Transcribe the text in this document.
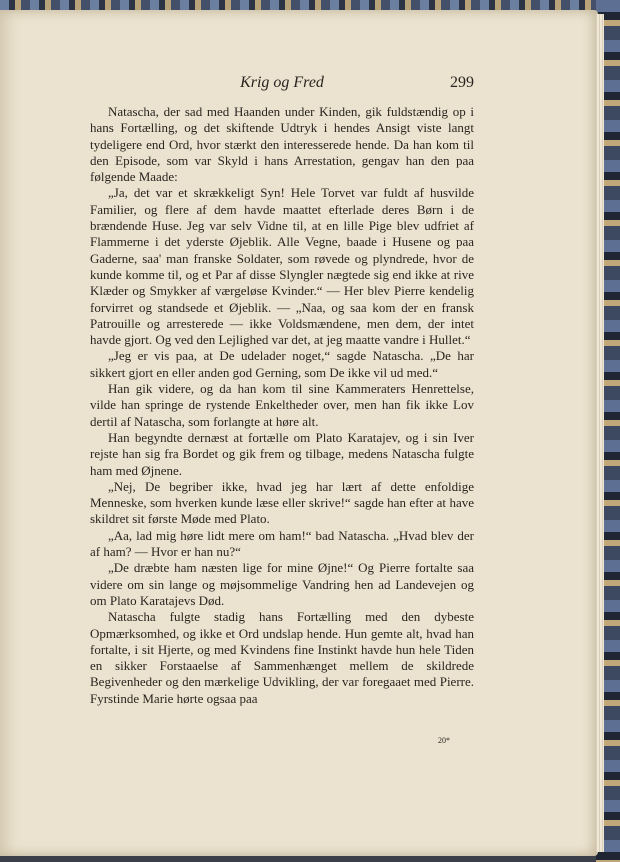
Krig og Fred	299

Natascha, der sad med Haanden under Kinden, gik fuldstændig op i hans Fortælling, og det skiftende Udtryk i hendes Ansigt viste langt tydeligere end Ord, hvor stærkt den interesserede hende. Da han kom til den Episode, som var Skyld i hans Arrestation, gengav han den paa følgende Maade:

„Ja, det var et skrækkeligt Syn! Hele Torvet var fuldt af husvilde Familier, og flere af dem havde maattet efterlade deres Børn i de brændende Huse. Jeg var selv Vidne til, at en lille Pige blev udfriet af Flammerne i det yderste Øjeblik. Alle Vegne, baade i Husene og paa Gaderne, saa' man franske Soldater, som røvede og plyndrede, hvor de kunde komme til, og et Par af disse Slyngler nægtede sig end ikke at rive Klæder og Smykker af værgeløse Kvinder.“ — Her blev Pierre kendelig forvirret og standsede et Øjeblik. — „Naa, og saa kom der en fransk Patrouille og arresterede — ikke Voldsmændene, men dem, der intet havde gjort. Og ved den Lejlighed var det, at jeg maatte vandre i Hullet.“

„Jeg er vis paa, at De udelader noget,“ sagde Natascha. „De har sikkert gjort en eller anden god Gerning, som De ikke vil ud med.“

Han gik videre, og da han kom til sine Kammeraters Henrettelse, vilde han springe de rystende Enkeltheder over, men han fik ikke Lov dertil af Natascha, som forlangte at høre alt.

Han begyndte dernæst at fortælle om Plato Karatajev, og i sin Iver rejste han sig fra Bordet og gik frem og tilbage, medens Natascha fulgte ham med Øjnene.

„Nej, De begriber ikke, hvad jeg har lært af dette enfoldige Menneske, som hverken kunde læse eller skrive!“ sagde han efter at have skildret sit første Møde med Plato.

„Aa, lad mig høre lidt mere om ham!“ bad Natascha. „Hvad blev der af ham? — Hvor er han nu?“

„De dræbte ham næsten lige for mine Øjne!“ Og Pierre fortalte saa videre om sin lange og møjsommelige Vandring hen ad Landevejen og om Plato Karatajevs Død.

Natascha fulgte stadig hans Fortælling med den dybeste Opmærksomhed, og ikke et Ord undslap hende. Hun gemte alt, hvad han fortalte, i sit Hjerte, og med Kvindens fine Instinkt havde hun hele Tiden en sikker Forstaaelse af Sammenhænget mellem de skildrede Begivenheder og den mærkelige Udvikling, der var foregaaet med Pierre. Fyrstinde Marie hørte ogsaa paa

20*
